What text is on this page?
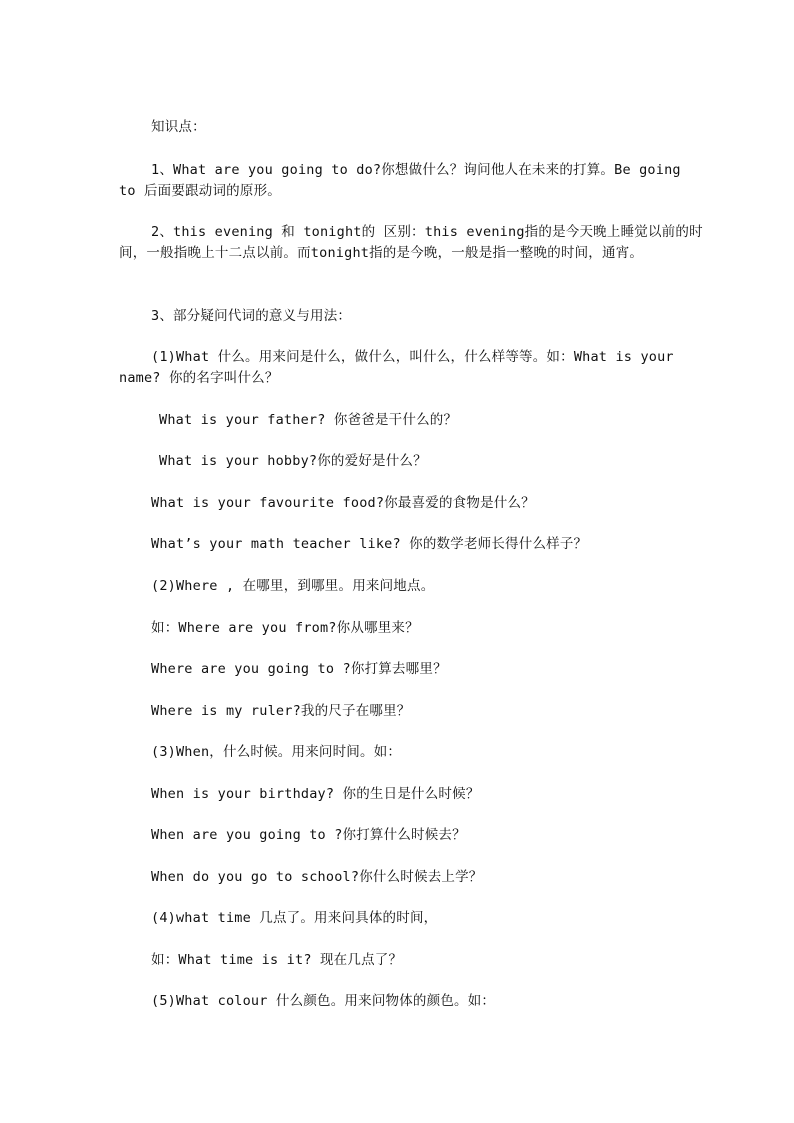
知识点：

1、What are you going to do?你想做什么？询问他人在未来的打算。Be going to 后面要跟动词的原形。

2、this evening 和 tonight的 区别：this evening指的是今天晚上睡觉以前的时间，一般指晚上十二点以前。而tonight指的是今晚，一般是指一整晚的时间，通宵。

3、部分疑问代词的意义与用法：

(1)What 什么。用来问是什么，做什么，叫什么，什么样等等。如：What is your name? 你的名字叫什么？

What is your father? 你爸爸是干什么的？

What is your hobby?你的爱好是什么？

What is your favourite food?你最喜爱的食物是什么？

What’s your math teacher like? 你的数学老师长得什么样子？

(2)Where , 在哪里，到哪里。用来问地点。

如：Where are you from?你从哪里来？

Where are you going to ?你打算去哪里？

Where is my ruler?我的尺子在哪里？

(3)When，什么时候。用来问时间。如：

When is your birthday? 你的生日是什么时候？

When are you going to ?你打算什么时候去？

When do you go to school?你什么时候去上学？

(4)what time 几点了。用来问具体的时间，

如：What time is it? 现在几点了？

(5)What colour 什么颜色。用来问物体的颜色。如：
